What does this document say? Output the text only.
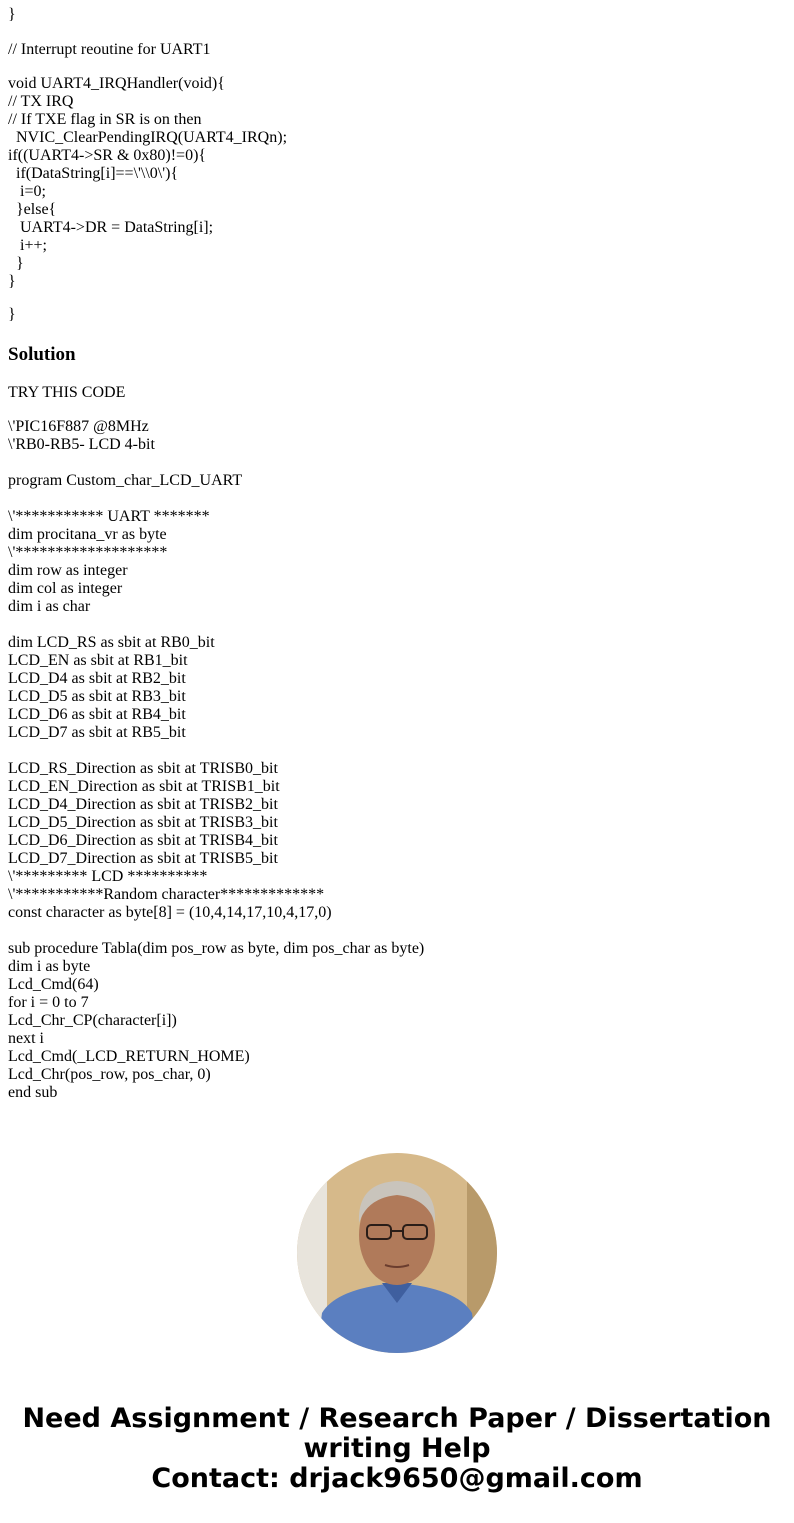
}
// Interrupt reoutine for UART1
void UART4_IRQHandler(void){
// TX IRQ
// If TXE flag in SR is on then
NVIC_ClearPendingIRQ(UART4_IRQn);
if((UART4->SR & 0x80)!=0){
if(DataString[i]==\'\\0\'){
i=0;
}else{
UART4->DR = DataString[i];
i++;
}
}
}
Solution
TRY THIS CODE
\'PIC16F887 @8MHz
\'RB0-RB5- LCD 4-bit
program Custom_char_LCD_UART
\'*********** UART *******
dim procitana_vr as byte
\'*******************
dim row as integer
dim col as integer
dim i as char
dim LCD_RS as sbit at RB0_bit
LCD_EN as sbit at RB1_bit
LCD_D4 as sbit at RB2_bit
LCD_D5 as sbit at RB3_bit
LCD_D6 as sbit at RB4_bit
LCD_D7 as sbit at RB5_bit
LCD_RS_Direction as sbit at TRISB0_bit
LCD_EN_Direction as sbit at TRISB1_bit
LCD_D4_Direction as sbit at TRISB2_bit
LCD_D5_Direction as sbit at TRISB3_bit
LCD_D6_Direction as sbit at TRISB4_bit
LCD_D7_Direction as sbit at TRISB5_bit
\'********* LCD **********
\'***********Random character*************
const character as byte[8] = (10,4,14,17,10,4,17,0)
sub procedure Tabla(dim pos_row as byte, dim pos_char as byte)
dim i as byte
Lcd_Cmd(64)
for i = 0 to 7
Lcd_Chr_CP(character[i])
next i
Lcd_Cmd(_LCD_RETURN_HOME)
Lcd_Chr(pos_row, pos_char, 0)
end sub
Need Assignment / Research Paper / Dissertation
writing Help
Contact: drjack9650@gmail.com
